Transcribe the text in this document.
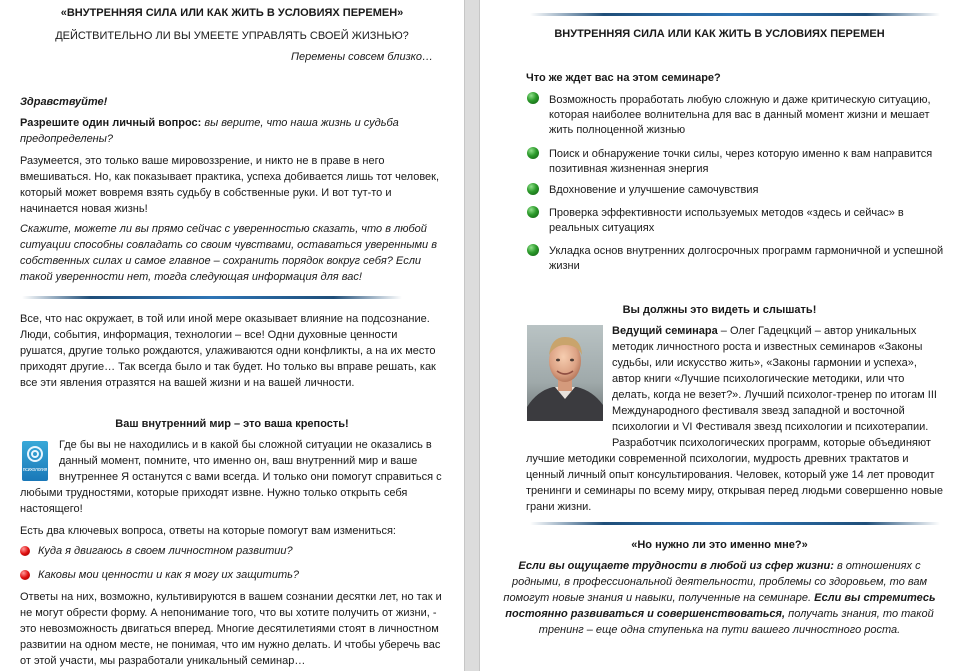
«ВНУТРЕННЯЯ СИЛА ИЛИ КАК ЖИТЬ В УСЛОВИЯХ ПЕРЕМЕН»

ДЕЙСТВИТЕЛЬНО ЛИ ВЫ УМЕЕТЕ УПРАВЛЯТЬ СВОЕЙ ЖИЗНЬЮ?

Перемены совсем близко…

Здравствуйте!

Разрешите один личный вопрос: вы верите, что наша жизнь и судьба

предопределены?

Разумеется, это только ваше мировоззрение, и никто не в праве в него

вмешиваться. Но, как показывает практика, успеха добивается лишь тот человек,

который может вовремя взять судьбу в собственные руки. И вот тут-то и

начинается новая жизнь!

Скажите, можете ли вы прямо сейчас с уверенностью сказать, что в любой

ситуации способны совладать со своим чувствами, оставаться уверенными в

собственных силах и самое главное – сохранить порядок вокруг себя? Если

такой уверенности нет, тогда следующая информация для вас!

Все, что нас окружает, в той или иной мере оказывает влияние на подсознание.

Люди, события, информация, технологии – все! Одни духовные ценности

рушатся, другие только рождаются, улаживаются одни конфликты, а на их место

приходят другие… Так всегда было и так будет. Но только вы вправе решать, как

все эти явления отразятся на вашей жизни и на вашей личности.

Ваш внутренний мир – это ваша крепость!

психология

Где бы вы не находились и в какой бы сложной ситуации не оказались в

данный момент, помните, что именно он, ваш внутренний мир и ваше

внутреннее Я останутся с вами всегда. И только они помогут справиться с

любыми трудностями, которые приходят извне. Нужно только открыть себя

настоящего!

Есть два ключевых вопроса, ответы на которые помогут вам измениться:

Куда я двигаюсь в своем личностном развитии?

Каковы мои ценности и как я могу их защитить?

Ответы на них, возможно, культивируются в вашем сознании десятки лет, но так и

не могут обрести форму. А непонимание того, что вы хотите получить от жизни, -

это невозможность двигаться вперед. Многие десятилетиями стоят в личностном

развитии на одном месте, не понимая, что им нужно делать. И чтобы уберечь вас

от этой участи, мы разработали уникальный семинар…

ВНУТРЕННЯЯ СИЛА ИЛИ КАК ЖИТЬ В УСЛОВИЯХ ПЕРЕМЕН

Что же ждет вас на этом семинаре?

Возможность проработать любую сложную и даже критическую ситуацию,

которая наиболее волнительна для вас в данный момент жизни и мешает

жить полноценной жизнью

Поиск и обнаружение точки силы, через которую именно к вам направится

позитивная жизненная энергия

Вдохновение и улучшение самочувствия

Проверка эффективности используемых методов «здесь и сейчас» в

реальных ситуациях

Укладка основ внутренних долгосрочных программ гармоничной и успешной

жизни

Вы должны это видеть и слышать!

Ведущий семинара – Олег Гадецкций – автор уникальных

методик личностного роста и известных семинаров «Законы

судьбы, или искусство жить», «Законы гармонии и успеха»,

автор книги «Лучшие психологические методики, или что

делать, когда не везет?». Лучший психолог-тренер по итогам III

Международного фестиваля звезд западной и восточной

психологии и VI Фестиваля звезд психологии и психотерапии.

Разработчик психологических программ, которые объединяют

лучшие методики современной психологии, мудрость древних трактатов и

ценный личный опыт консультирования. Человек, который уже 14 лет проводит

тренинги и семинары по всему миру, открывая перед людьми совершенно новые

грани жизни.

«Но нужно ли это именно мне?»

Если вы ощущаете трудности в любой из сфер жизни: в отношениях с

родными, в профессиональной деятельности, проблемы со здоровьем, то вам

помогут новые знания и навыки, полученные на семинаре. Если вы стремитесь

постоянно развиваться и совершенствоваться, получать знания, то такой

тренинг – еще одна ступенька на пути вашего личностного роста.
